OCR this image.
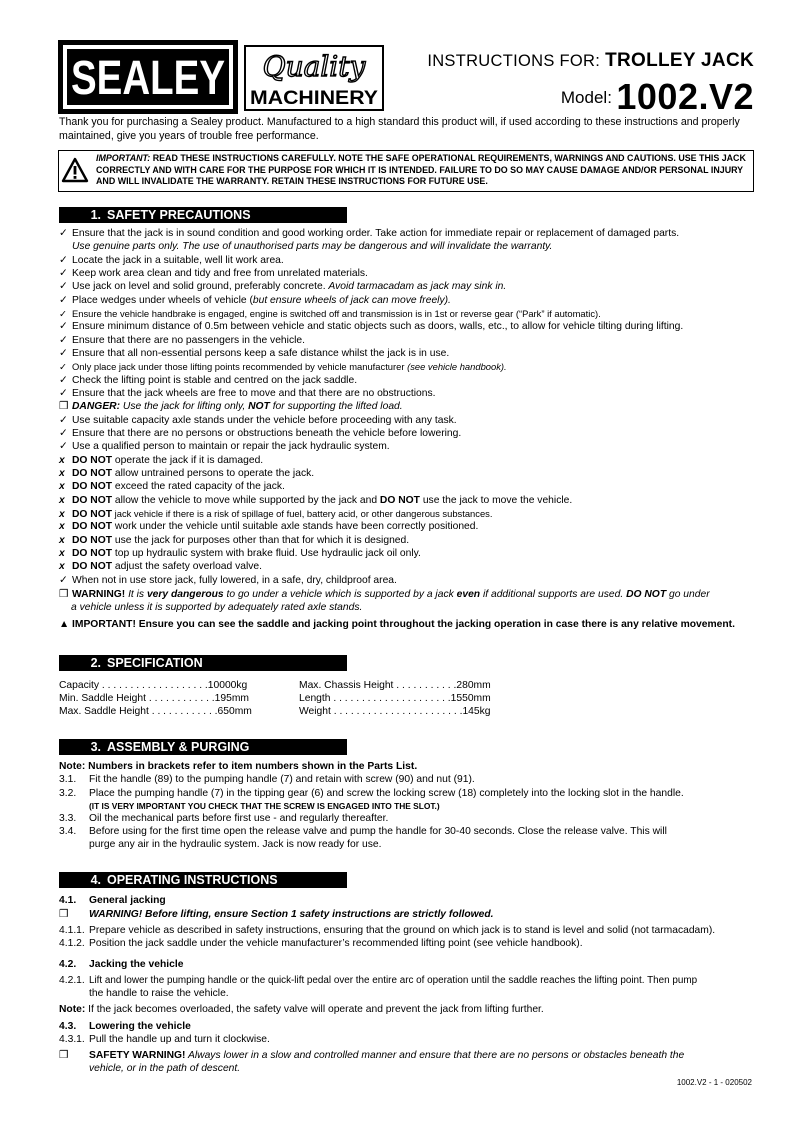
SEALEY Quality
MACHINERY
INSTRUCTIONS FOR: TROLLEY JACK
Model: 1002.V2
Thank you for purchasing a Sealey product. Manufactured to a high standard this product will, if used according to these instructions and properly maintained, give you years of trouble free performance.
IMPORTANT: READ THESE INSTRUCTIONS CAREFULLY. NOTE THE SAFE OPERATIONAL REQUIREMENTS, WARNINGS AND CAUTIONS. USE THIS JACK CORRECTLY AND WITH CARE FOR THE PURPOSE FOR WHICH IT IS INTENDED. FAILURE TO DO SO MAY CAUSE DAMAGE AND/OR PERSONAL INJURY AND WILL INVALIDATE THE WARRANTY. RETAIN THESE INSTRUCTIONS FOR FUTURE USE.
1. SAFETY PRECAUTIONS
✓ Ensure that the jack is in sound condition and good working order. Take action for immediate repair or replacement of damaged parts.
Use genuine parts only. The use of unauthorised parts may be dangerous and will invalidate the warranty.
✓ Locate the jack in a suitable, well lit work area.
✓ Keep work area clean and tidy and free from unrelated materials.
✓ Use jack on level and solid ground, preferably concrete. Avoid tarmacadam as jack may sink in.
✓ Place wedges under wheels of vehicle (but ensure wheels of jack can move freely).
✓ Ensure the vehicle handbrake is engaged, engine is switched off and transmission is in 1st or reverse gear (“Park” if automatic).
✓ Ensure minimum distance of 0.5m between vehicle and static objects such as doors, walls, etc., to allow for vehicle tilting during lifting.
✓ Ensure that there are no passengers in the vehicle.
✓ Ensure that all non-essential persons keep a safe distance whilst the jack is in use.
✓ Only place jack under those lifting points recommended by vehicle manufacturer (see vehicle handbook).
✓ Check the lifting point is stable and centred on the jack saddle.
✓ Ensure that the jack wheels are free to move and that there are no obstructions.
❒ DANGER: Use the jack for lifting only, NOT for supporting the lifted load.
✓ Use suitable capacity axle stands under the vehicle before proceeding with any task.
✓ Ensure that there are no persons or obstructions beneath the vehicle before lowering.
✓ Use a qualified person to maintain or repair the jack hydraulic system.
x DO NOT operate the jack if it is damaged.
x DO NOT allow untrained persons to operate the jack.
x DO NOT exceed the rated capacity of the jack.
x DO NOT allow the vehicle to move while supported by the jack and DO NOT use the jack to move the vehicle.
x DO NOT jack vehicle if there is a risk of spillage of fuel, battery acid, or other dangerous substances.
x DO NOT work under the vehicle until suitable axle stands have been correctly positioned.
x DO NOT use the jack for purposes other than that for which it is designed.
x DO NOT top up hydraulic system with brake fluid. Use hydraulic jack oil only.
x DO NOT adjust the safety overload valve.
✓ When not in use store jack, fully lowered, in a safe, dry, childproof area.
❒ WARNING! It is very dangerous to go under a vehicle which is supported by a jack even if additional supports are used. DO NOT go under
a vehicle unless it is supported by adequately rated axle stands.
▲ IMPORTANT! Ensure you can see the saddle and jacking point throughout the jacking operation in case there is any relative movement.
2. SPECIFICATION
Capacity . . . . . . . . . . . . . . . . . . .10000kg
Min. Saddle Height . . . . . . . . . . . .195mm
Max. Saddle Height . . . . . . . . . . . .650mm
Max. Chassis Height . . . . . . . . . . .280mm
Length . . . . . . . . . . . . . . . . . . . . .1550mm
Weight . . . . . . . . . . . . . . . . . . . . . . .145kg
3. ASSEMBLY & PURGING
Note: Numbers in brackets refer to item numbers shown in the Parts List.
3.1. Fit the handle (89) to the pumping handle (7) and retain with screw (90) and nut (91).
3.2. Place the pumping handle (7) in the tipping gear (6) and screw the locking screw (18) completely into the locking slot in the handle.
(IT IS VERY IMPORTANT YOU CHECK THAT THE SCREW IS ENGAGED INTO THE SLOT.)
3.3. Oil the mechanical parts before first use - and regularly thereafter.
3.4. Before using for the first time open the release valve and pump the handle for 30-40 seconds. Close the release valve. This will
purge any air in the hydraulic system. Jack is now ready for use.
4. OPERATING INSTRUCTIONS
4.1. General jacking
❒ WARNING! Before lifting, ensure Section 1 safety instructions are strictly followed.
4.1.1. Prepare vehicle as described in safety instructions, ensuring that the ground on which jack is to stand is level and solid (not tarmacadam).
4.1.2. Position the jack saddle under the vehicle manufacturer’s recommended lifting point (see vehicle handbook).
4.2. Jacking the vehicle
4.2.1. Lift and lower the pumping handle or the quick-lift pedal over the entire arc of operation until the saddle reaches the lifting point. Then pump
the handle to raise the vehicle.
Note: If the jack becomes overloaded, the safety valve will operate and prevent the jack from lifting further.
4.3. Lowering the vehicle
4.3.1. Pull the handle up and turn it clockwise.
❒ SAFETY WARNING! Always lower in a slow and controlled manner and ensure that there are no persons or obstacles beneath the
vehicle, or in the path of descent.
1002.V2 - 1 - 020502
